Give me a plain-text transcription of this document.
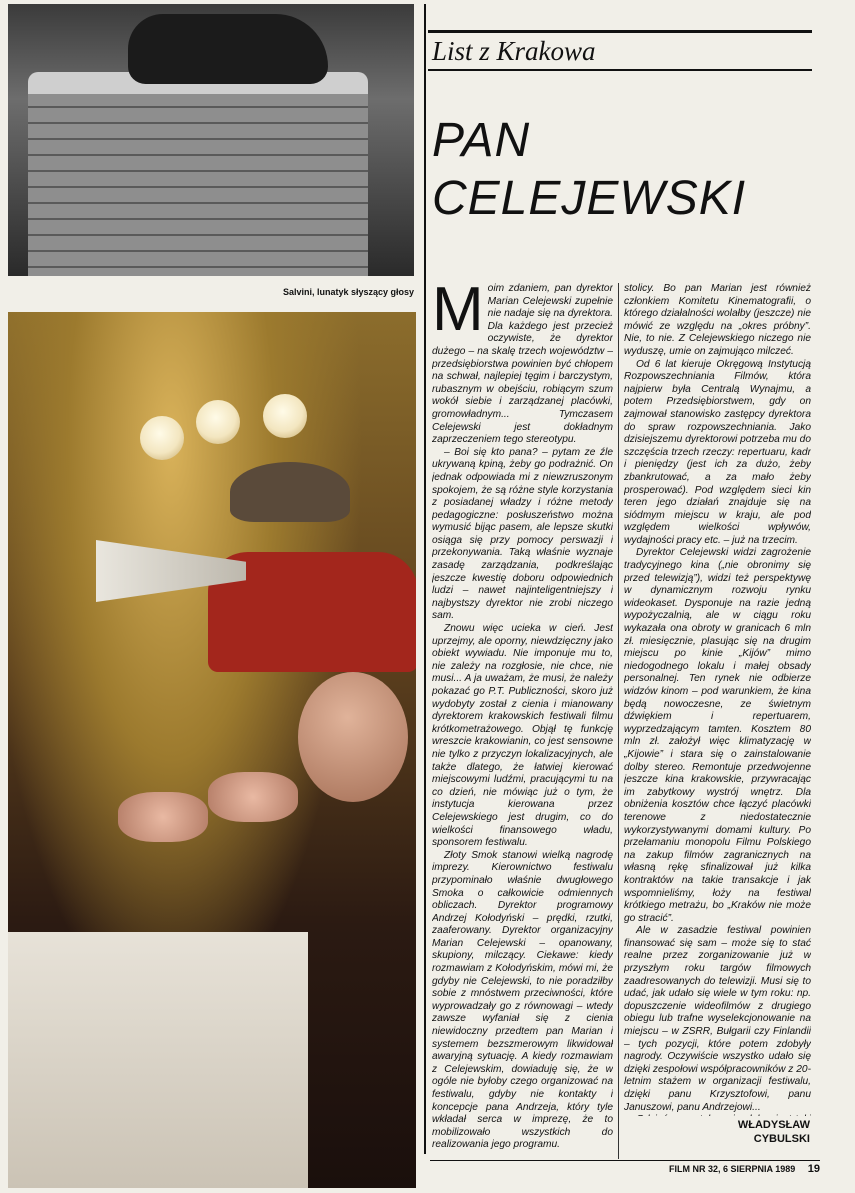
Salvini, lunatyk słyszący głosy
List z Krakowa
PAN
CELEJEWSKI
M oim zdaniem, pan dyrektor Marian Celejewski zupełnie nie nadaje się na dyrektora. Dla każdego jest przecież oczywiste, że dyrektor dużego – na skalę trzech województw – przedsiębiorstwa powinien być chłopem na schwał, najlepiej tęgim i barczystym, rubasznym w obejściu, robiącym szum wokół siebie i zarządzanej placówki, gromowładnym... Tymczasem Celejewski jest dokładnym zaprzeczeniem tego stereotypu.

– Boi się kto pana? – pytam ze źle ukrywaną kpiną, żeby go podrażnić. On jednak odpowiada mi z niewzruszonym spokojem, że są różne style korzystania z posiadanej władzy i różne metody pedagogiczne: posłuszeństwo można wymusić bijąc pasem, ale lepsze skutki osiąga się przy pomocy perswazji i przekonywania. Taką właśnie wyznaje zasadę zarządzania, podkreślając jeszcze kwestię doboru odpowiednich ludzi – nawet najinteligentniejszy i najbystszy dyrektor nie zrobi niczego sam.

Znowu więc ucieka w cień. Jest uprzejmy, ale oporny, niewdzięczny jako obiekt wywiadu. Nie imponuje mu to, nie zależy na rozgłosie, nie chce, nie musi... A ja uważam, że musi, że należy pokazać go P.T. Publiczności, skoro już wydobyty został z cienia i mianowany dyrektorem krakowskich festiwali filmu krótkometrażowego. Objął tę funkcję wreszcie krakowianin, co jest sensowne nie tylko z przyczyn lokalizacyjnych, ale także dlatego, że łatwiej kierować miejscowymi ludźmi, pracującymi tu na co dzień, nie mówiąc już o tym, że instytucja kierowana przez Celejewskiego jest drugim, co do wielkości finansowego władu, sponsorem festiwalu.

Złoty Smok stanowi wielką nagrodę imprezy. Kierownictwo festiwalu przypominało właśnie dwugłowego Smoka o całkowicie odmiennych obliczach. Dyrektor programowy Andrzej Kołodyński – prędki, rzutki, zaaferowany. Dyrektor organizacyjny Marian Celejewski – opanowany, skupiony, milczący. Ciekawe: kiedy rozmawiam z Kołodyńskim, mówi mi, że gdyby nie Celejewski, to nie poradziłby sobie z mnóstwem przeciwności, które wyprowadzały go z równowagi – wtedy zawsze wyfaniał się z cienia niewidoczny przedtem pan Marian i systemem bezszmerowym likwidował awaryjną sytuację. A kiedy rozmawiam z Celejewskim, dowiaduję się, że w ogóle nie byłoby czego organizować na festiwalu, gdyby nie kontakty i koncepcje pana Andrzeja, który tyle wkładał serca w imprezę, że to mobilizowało wszystkich do realizowania jego programu.

stolicy. Bo pan Marian jest również członkiem Komitetu Kinematografii, o którego działalności wolałby (jeszcze) nie mówić ze względu na „okres próbny”. Nie, to nie. Z Celejewskiego niczego nie wyduszę, umie on zajmująco milczeć.

Od 6 lat kieruje Okręgową Instytucją Rozpowszechniania Filmów, która najpierw była Centralą Wynajmu, a potem Przedsiębiorstwem, gdy on zajmował stanowisko zastępcy dyrektora do spraw rozpowszechniania. Jako dzisiejszemu dyrektorowi potrzeba mu do szczęścia trzech rzeczy: repertuaru, kadr i pieniędzy (jest ich za dużo, żeby zbankrutować, a za mało żeby prosperować). Pod względem sieci kin teren jego działań znajduje się na siódmym miejscu w kraju, ale pod względem wielkości wpływów, wydajności pracy etc. – już na trzecim.

Dyrektor Celejewski widzi zagrożenie tradycyjnego kina („nie obronimy się przed telewizją”), widzi też perspektywę w dynamicznym rozwoju rynku wideokaset. Dysponuje na razie jedną wypożyczalnią, ale w ciągu roku wykazała ona obroty w granicach 6 mln zł. miesięcznie, plasując się na drugim miejscu po kinie „Kijów” mimo niedogodnego lokalu i małej obsady personalnej. Ten rynek nie odbierze widzów kinom – pod warunkiem, że kina będą nowoczesne, ze świetnym dźwiękiem i repertuarem, wyprzedzającym tamten. Kosztem 80 mln zł. założył więc klimatyzację w „Kijowie” i stara się o zainstalowanie dolby stereo. Remontuje przedwojenne jeszcze kina krakowskie, przywracając im zabytkowy wystrój wnętrz. Dla obniżenia kosztów chce łączyć placówki terenowe z niedostatecznie wykorzystywanymi domami kultury. Po przełamaniu monopolu Filmu Polskiego na zakup filmów zagranicznych na własną rękę sfinalizował już kilka kontraktów na takie transakcje i jak wspomnieliśmy, łoży na festiwal krótkiego metrażu, bo „Kraków nie może go stracić”.

Ale w zasadzie festiwal powinien finansować się sam – może się to stać realne przez zorganizowanie już w przyszłym roku targów filmowych zaadresowanych do telewizji. Musi się to udać, jak udało się wiele w tym roku: np. dopuszczenie wideofilmów z drugiego obiegu lub trafne wyselekcjonowanie na miejscu – w ZSRR, Bułgarii czy Finlandii – tych pozycji, które potem zdobyły nagrody. Oczywiście wszystko udało się dzięki zespołowi współpracowników z 20-letnim stażem w organizacji festiwalu, dzięki panu Krzysztofowi, panu Januszowi, panu Andrzejowi...

WŁADYSŁAW
CYBULSKI
FILM NR 32, 6 SIERPNIA 1989 19
